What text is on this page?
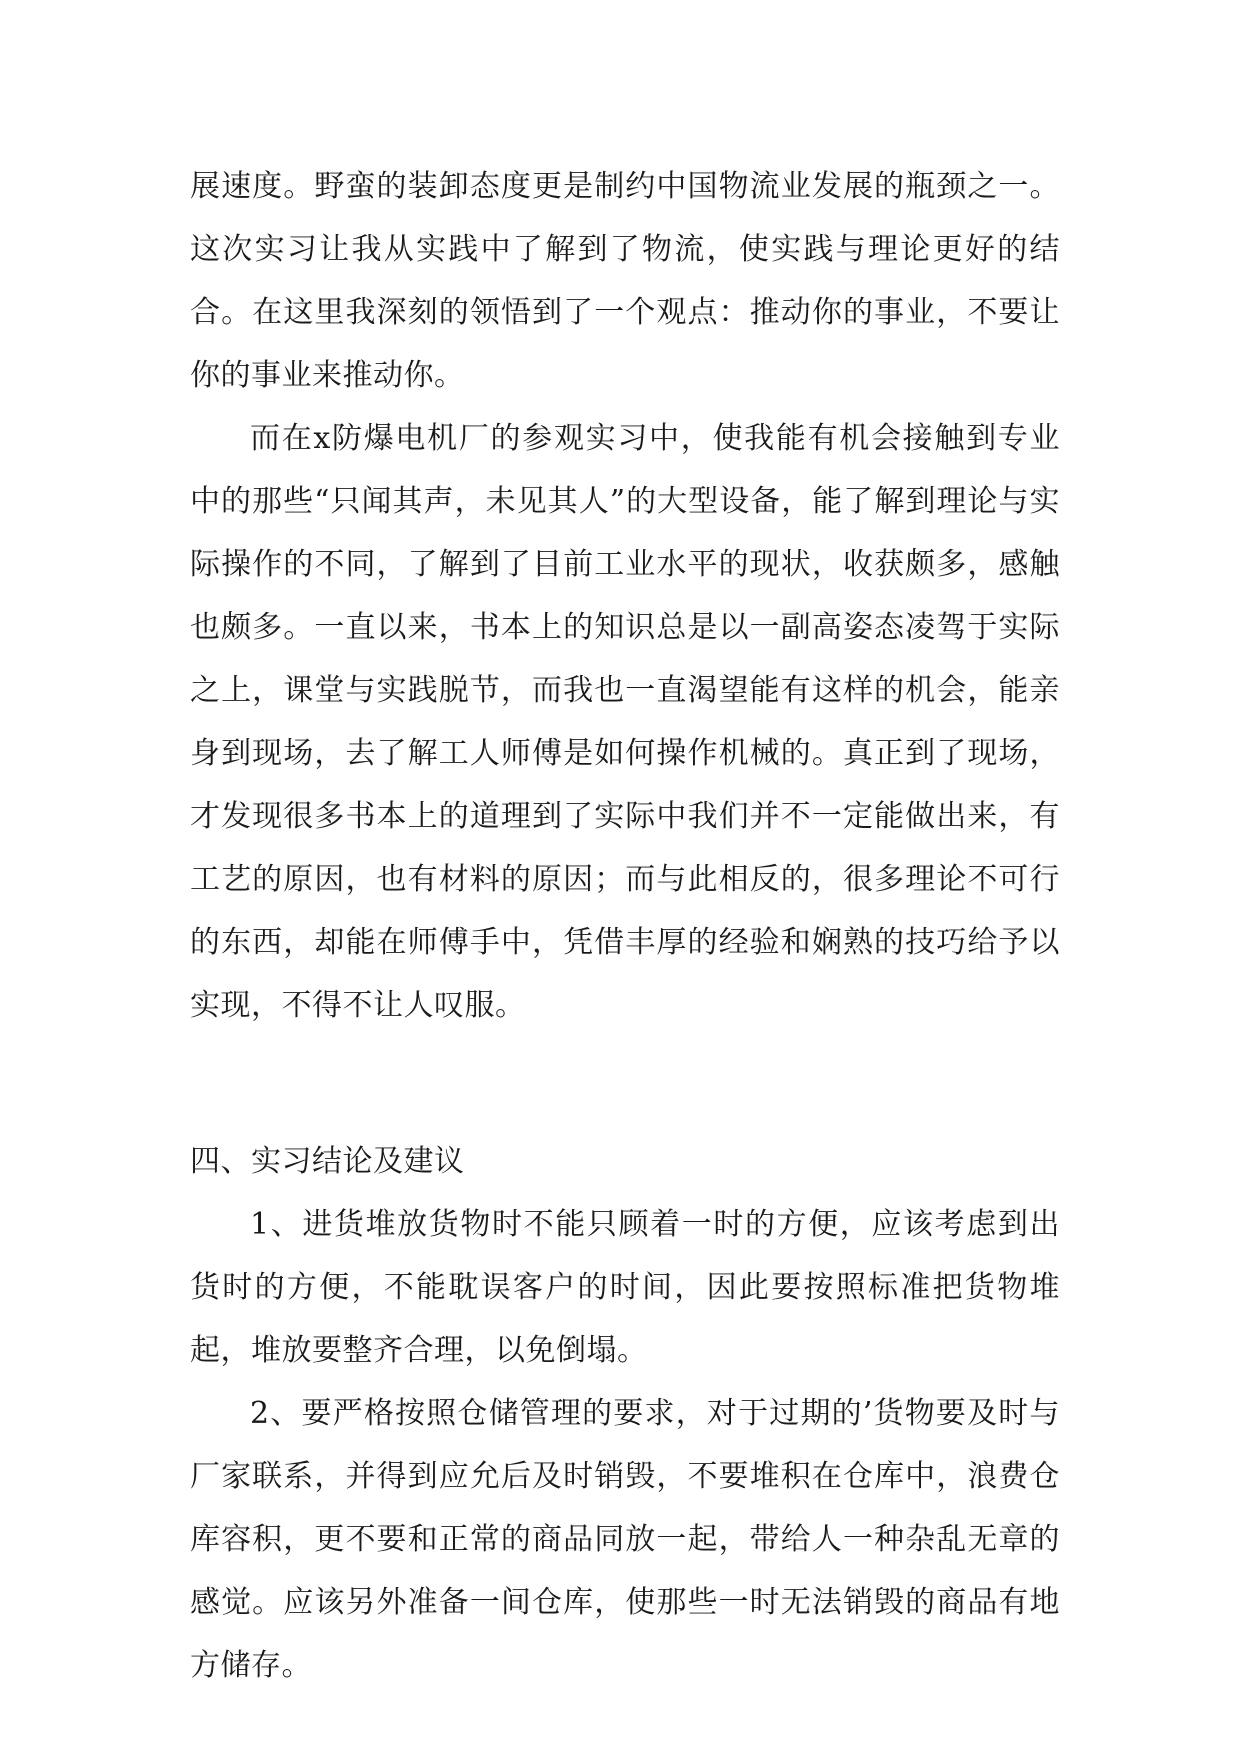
展速度。野蛮的装卸态度更是制约中国物流业发展的瓶颈之一。这次实习让我从实践中了解到了物流，使实践与理论更好的结合。在这里我深刻的领悟到了一个观点：推动你的事业，不要让你的事业来推动你。

而在x防爆电机厂的参观实习中，使我能有机会接触到专业中的那些“只闻其声，未见其人”的大型设备，能了解到理论与实际操作的不同，了解到了目前工业水平的现状，收获颇多，感触也颇多。一直以来，书本上的知识总是以一副高姿态凌驾于实际之上，课堂与实践脱节，而我也一直渴望能有这样的机会，能亲身到现场，去了解工人师傅是如何操作机械的。真正到了现场，才发现很多书本上的道理到了实际中我们并不一定能做出来，有工艺的原因，也有材料的原因；而与此相反的，很多理论不可行的东西，却能在师傅手中，凭借丰厚的经验和娴熟的技巧给予以实现，不得不让人叹服。

四、实习结论及建议

1、进货堆放货物时不能只顾着一时的方便，应该考虑到出货时的方便，不能耽误客户的时间，因此要按照标准把货物堆起，堆放要整齐合理，以免倒塌。

2、要严格按照仓储管理的要求，对于过期的’货物要及时与厂家联系，并得到应允后及时销毁，不要堆积在仓库中，浪费仓库容积，更不要和正常的商品同放一起，带给人一种杂乱无章的感觉。应该另外准备一间仓库，使那些一时无法销毁的商品有地方储存。
